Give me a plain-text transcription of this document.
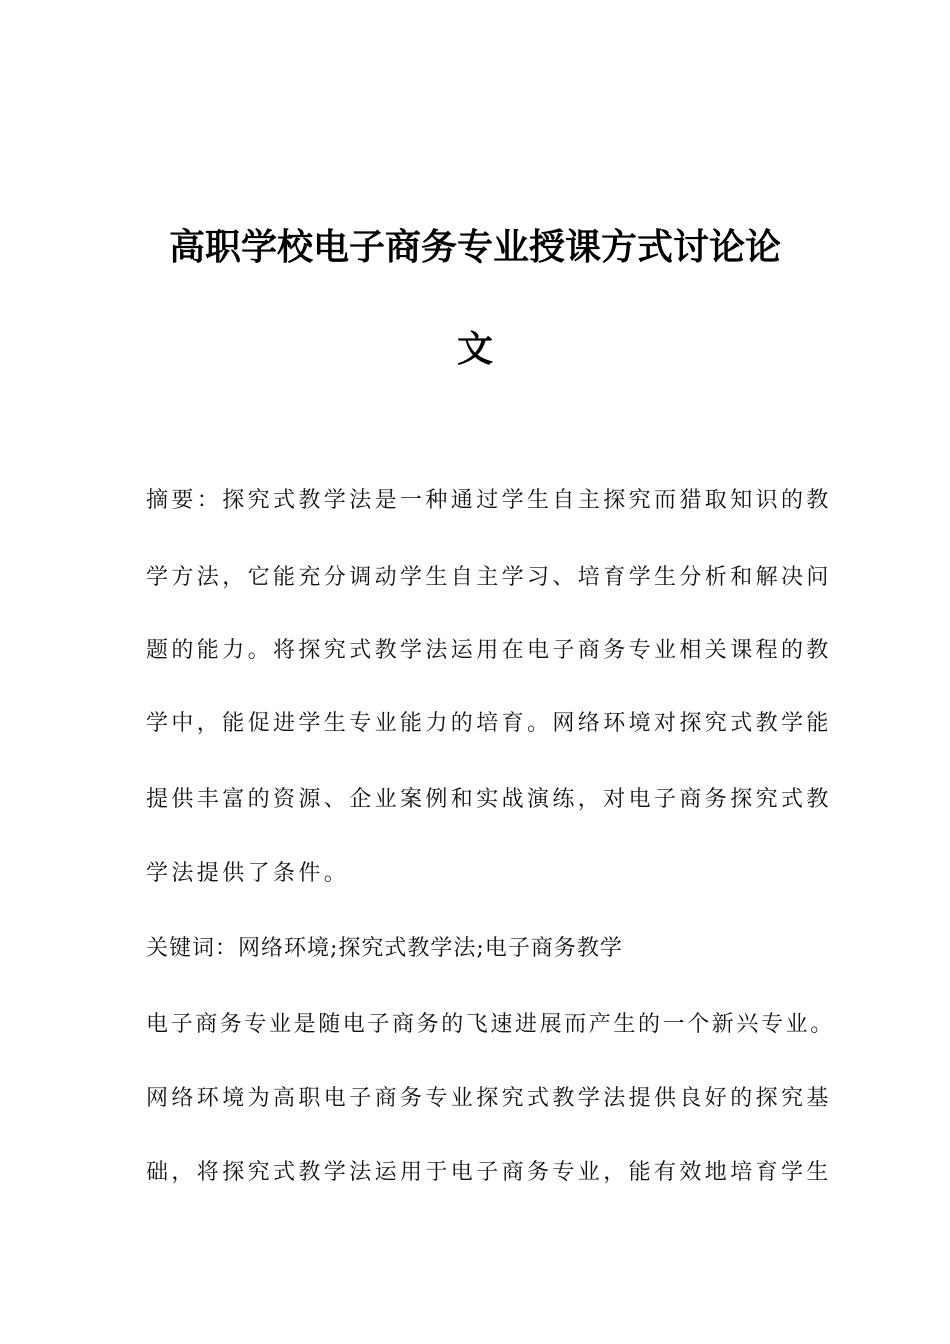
高职学校电子商务专业授课方式讨论论
文
摘要：探究式教学法是一种通过学生自主探究而猎取知识的教
学方法，它能充分调动学生自主学习、培育学生分析和解决问
题的能力。将探究式教学法运用在电子商务专业相关课程的教
学中，能促进学生专业能力的培育。网络环境对探究式教学能
提供丰富的资源、企业案例和实战演练，对电子商务探究式教
学法提供了条件。
关键词：网络环境;探究式教学法;电子商务教学
电子商务专业是随电子商务的飞速进展而产生的一个新兴专业。
网络环境为高职电子商务专业探究式教学法提供良好的探究基
础，将探究式教学法运用于电子商务专业，能有效地培育学生
